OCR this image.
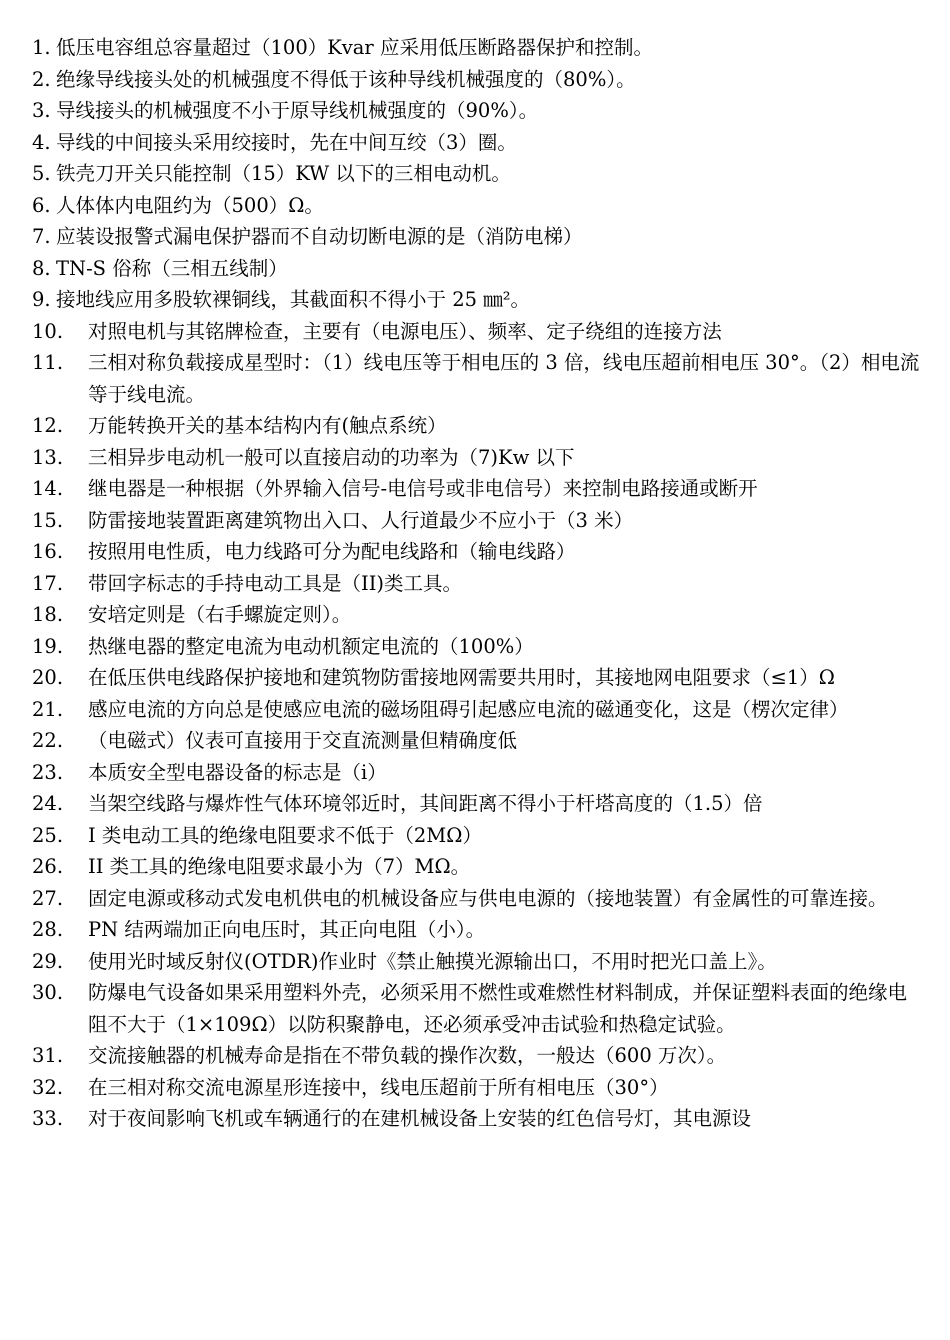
1. 低压电容组总容量超过（100）Kvar 应采用低压断路器保护和控制。
2. 绝缘导线接头处的机械强度不得低于该种导线机械强度的（80%）。
3. 导线接头的机械强度不小于原导线机械强度的（90%）。
4. 导线的中间接头采用绞接时，先在中间互绞（3）圈。
5. 铁壳刀开关只能控制（15）KW 以下的三相电动机。
6. 人体体内电阻约为（500）Ω。
7. 应装设报警式漏电保护器而不自动切断电源的是（消防电梯）
8. TN-S 俗称（三相五线制）
9. 接地线应用多股软裸铜线，其截面积不得小于 25 ㎜²。
10.	对照电机与其铭牌检查，主要有（电源电压）、频率、定子绕组的连接方法
11.	三相对称负载接成星型时：（1）线电压等于相电压的 3 倍，线电压超前相电压 30°。（2）相电流等于线电流。
12.	万能转换开关的基本结构内有(触点系统）
13.	三相异步电动机一般可以直接启动的功率为（7)Kw 以下
14.	继电器是一种根据（外界输入信号-电信号或非电信号）来控制电路接通或断开
15.	防雷接地装置距离建筑物出入口、人行道最少不应小于（3 米）
16.	按照用电性质，电力线路可分为配电线路和（输电线路）
17.	带回字标志的手持电动工具是（II)类工具。
18.	安培定则是（右手螺旋定则）。
19.	热继电器的整定电流为电动机额定电流的（100%）
20.	在低压供电线路保护接地和建筑物防雷接地网需要共用时，其接地网电阻要求（≤1）Ω
21.	感应电流的方向总是使感应电流的磁场阻碍引起感应电流的磁通变化，这是（楞次定律）
22.	（电磁式）仪表可直接用于交直流测量但精确度低
23.	本质安全型电器设备的标志是（i）
24.	当架空线路与爆炸性气体环境邻近时，其间距离不得小于杆塔高度的（1.5）倍
25.	I 类电动工具的绝缘电阻要求不低于（2MΩ）
26.	II 类工具的绝缘电阻要求最小为（7）MΩ。
27.	固定电源或移动式发电机供电的机械设备应与供电电源的（接地装置）有金属性的可靠连接。
28.	PN 结两端加正向电压时，其正向电阻（小）。
29.	使用光时域反射仪(OTDR)作业时《禁止触摸光源输出口，不用时把光口盖上》。
30.	防爆电气设备如果采用塑料外壳，必须采用不燃性或难燃性材料制成，并保证塑料表面的绝缘电阻不大于（1×109Ω）以防积聚静电，还必须承受冲击试验和热稳定试验。
31.	交流接触器的机械寿命是指在不带负载的操作次数，一般达（600 万次）。
32.	在三相对称交流电源星形连接中，线电压超前于所有相电压（30°）
33.	对于夜间影响飞机或车辆通行的在建机械设备上安装的红色信号灯，其电源设
